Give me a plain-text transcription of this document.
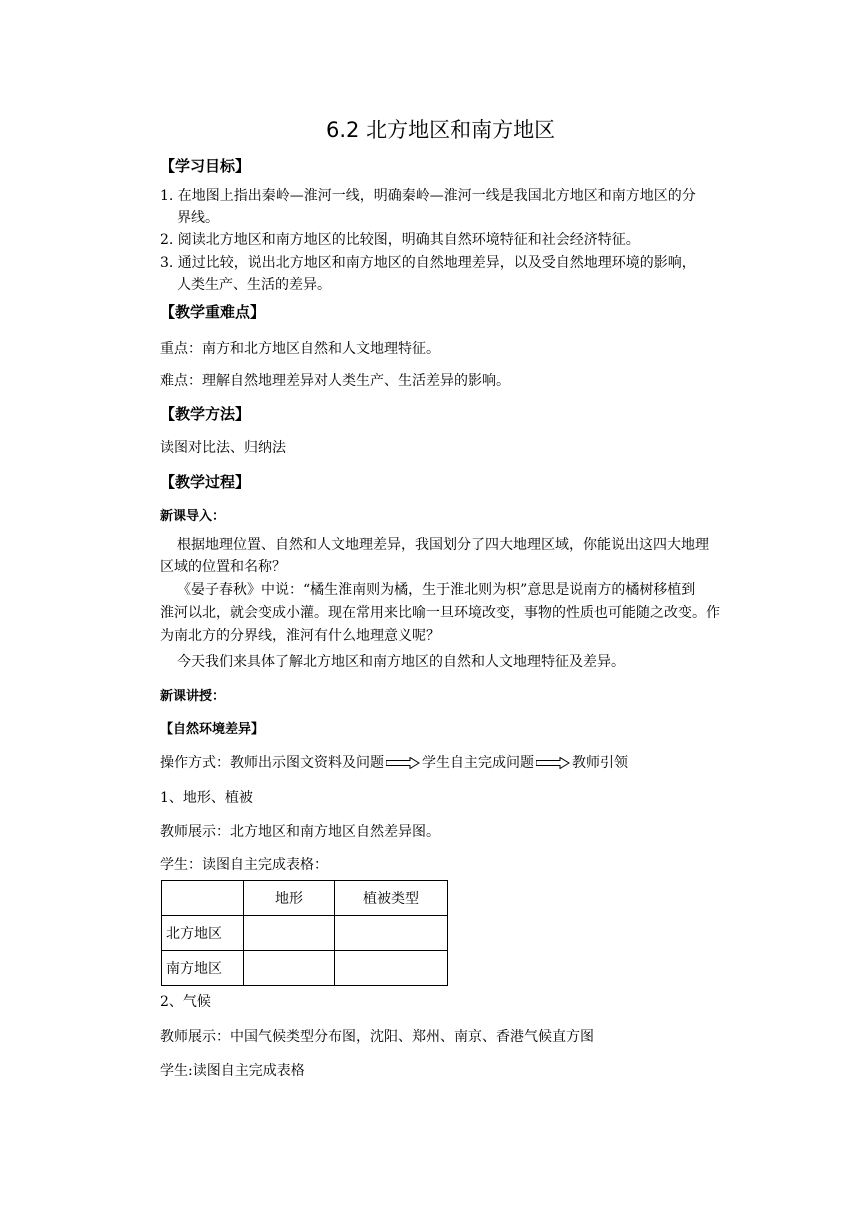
6.2 北方地区和南方地区
【学习目标】
1. 在地图上指出秦岭—淮河一线，明确秦岭—淮河一线是我国北方地区和南方地区的分
界线。
2. 阅读北方地区和南方地区的比较图，明确其自然环境特征和社会经济特征。
3. 通过比较，说出北方地区和南方地区的自然地理差异，以及受自然地理环境的影响，
人类生产、生活的差异。
【教学重难点】
重点：南方和北方地区自然和人文地理特征。
难点：理解自然地理差异对人类生产、生活差异的影响。
【教学方法】
读图对比法、归纳法
【教学过程】
新课导入：
根据地理位置、自然和人文地理差异，我国划分了四大地理区域，你能说出这四大地理
区域的位置和名称？
《晏子春秋》中说：“橘生淮南则为橘，生于淮北则为枳”意思是说南方的橘树移植到
淮河以北，就会变成小灌。现在常用来比喻一旦环境改变，事物的性质也可能随之改变。作
为南北方的分界线，淮河有什么地理意义呢？
今天我们来具体了解北方地区和南方地区的自然和人文地理特征及差异。
新课讲授：
【自然环境差异】
操作方式：教师出示图文资料及问题	学生自主完成问题	教师引领
1、地形、植被
教师展示：北方地区和南方地区自然差异图。
学生：读图自主完成表格：
	地形	植被类型
北方地区		
南方地区		
2、气候
教师展示：中国气候类型分布图，沈阳、郑州、南京、香港气候直方图
学生:读图自主完成表格
